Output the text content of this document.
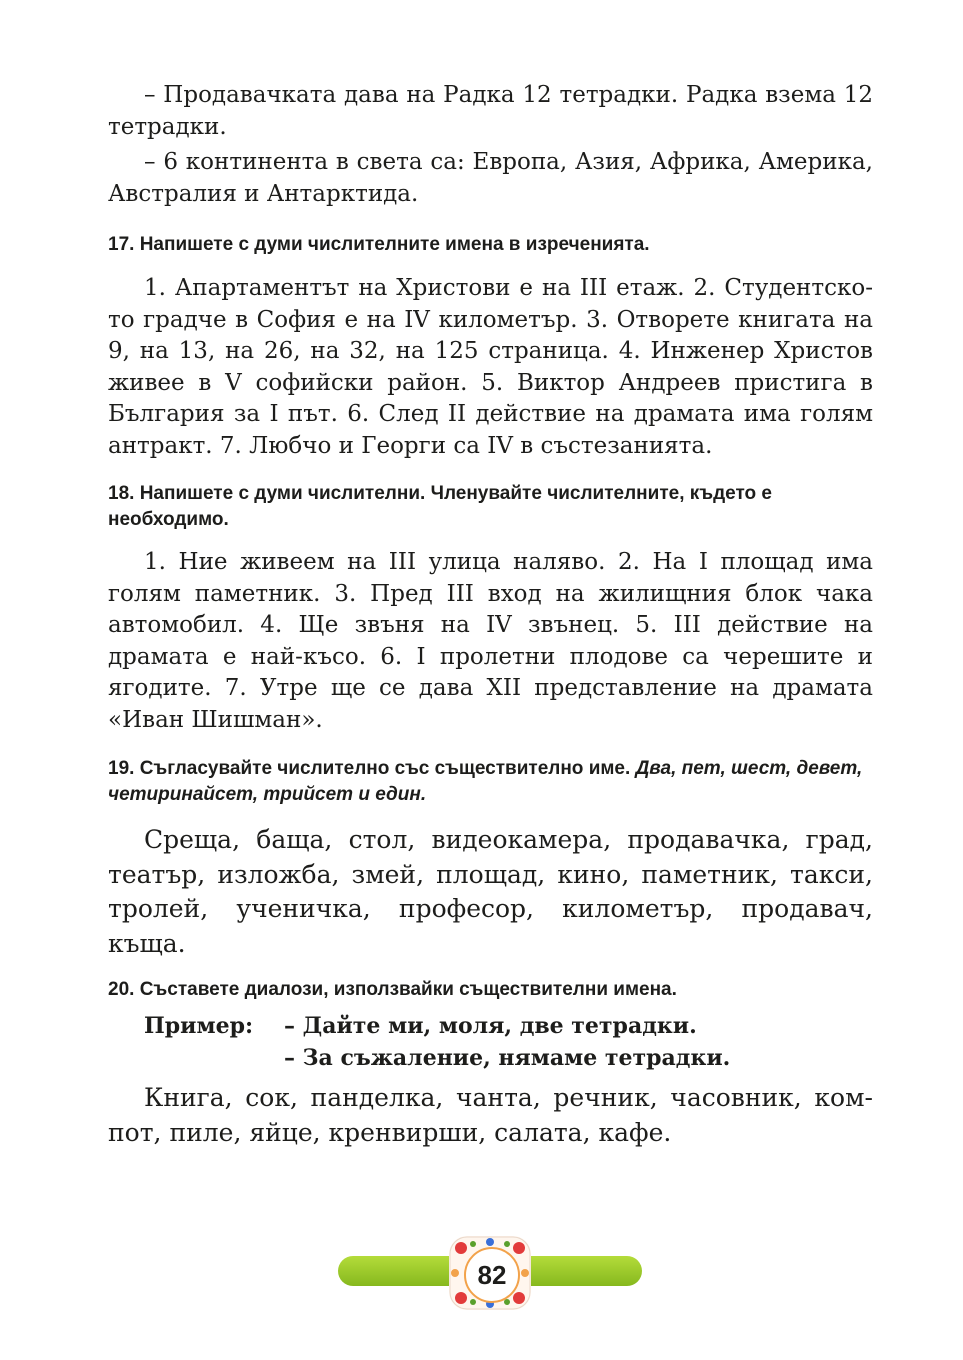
– Продавачката дава на Радка 12 тетрадки. Радка взема 12 тетрадки.

– 6 континента в света са: Европа, Азия, Африка, Америка, Австралия и Антарктида.

17. Напишете с думи числителните имена в изреченията.

1. Апартаментът на Христови е на III етаж. 2. Студентското градче в София е на IV километър. 3. Отворете книгата на 9, на 13, на 26, на 32, на 125 страница. 4. Инженер Христов живее в V софийски район. 5. Виктор Андреев пристига в България за I път. 6. След II действие на драмата има голям антракт. 7. Любчо и Георги са IV в състезанията.

18. Напишете с думи числителни. Членувайте числителните, където е необходимо.

1. Ние живеем на III улица наляво. 2. На I площад има голям паметник. 3. Пред III вход на жилищния блок чака автомобил. 4. Ще звъня на IV звънец. 5. III действие на драмата е най-късо. 6. I пролетни плодове са черешите и ягодите. 7. Утре ще се дава XII представление на драмата «Иван Шишман».

19. Съгласувайте числително със съществително име. Два, пет, шест, девет, четиринайсет, трийсет и един.

Среща, баща, стол, видеокамера, продавачка, град, театър, изложба, змей, площад, кино, паметник, такси, тролей, ученичка, професор, километър, продавач, къща.

20. Съставете диалози, използвайки съществителни имена.

Пример: – Дайте ми, моля, две тетрадки.
– За съжаление, нямаме тетрадки.

Книга, сок, панделка, чанта, речник, часовник, компот, пиле, яйце, кренвирши, салата, кафе.

82
